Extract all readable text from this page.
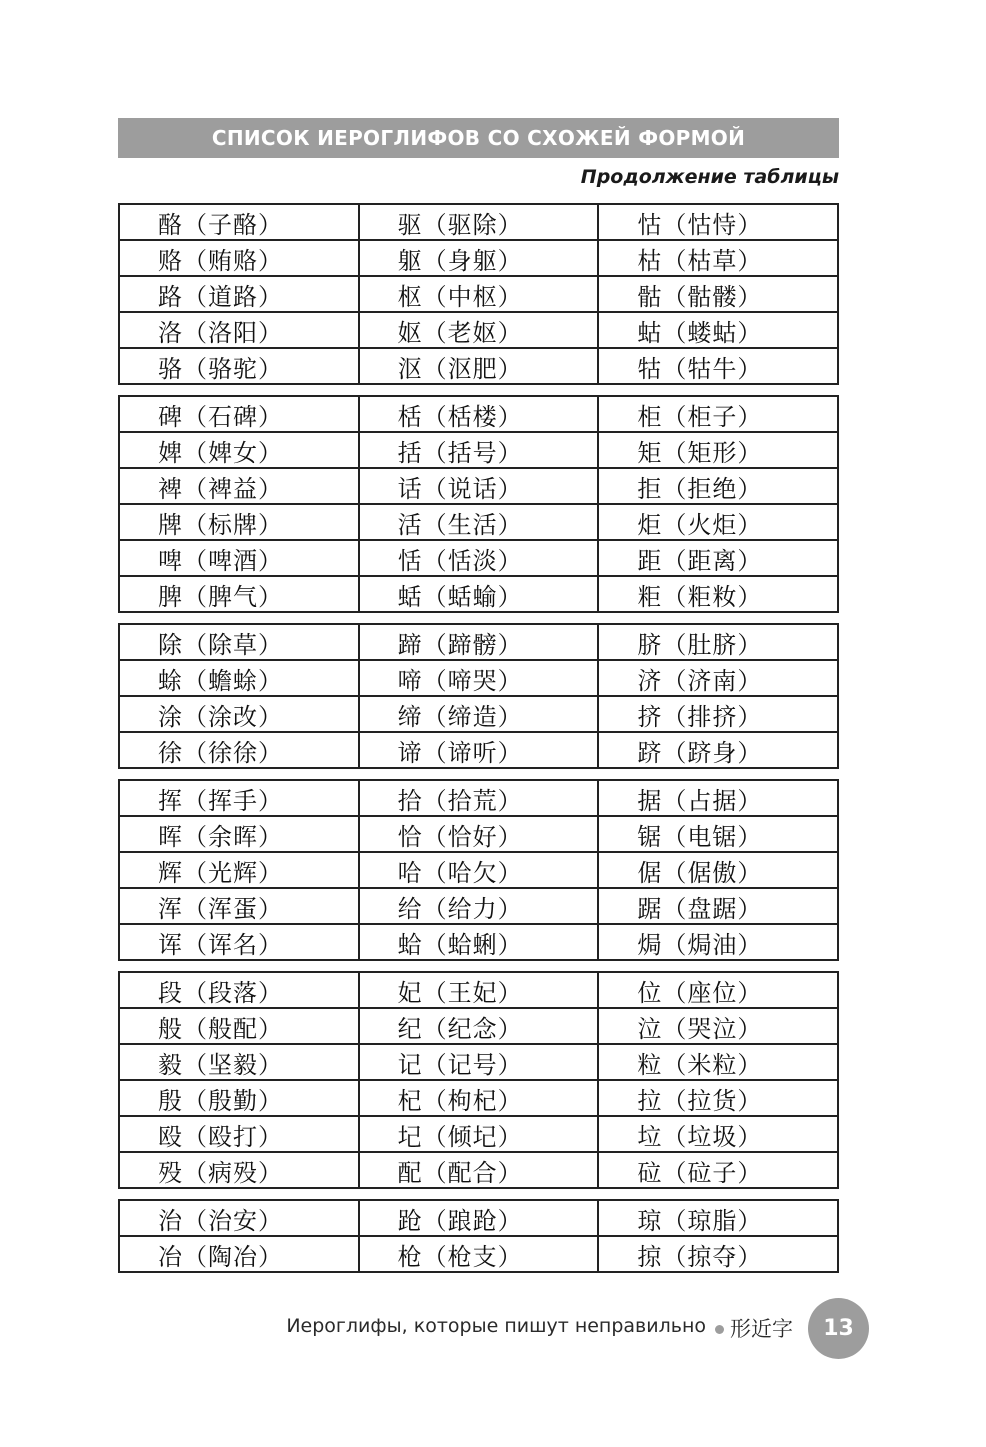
СПИСОК ИЕРОГЛИФОВ СО СХОЖЕЙ ФОРМОЙ
Продолжение таблицы
酪（子酪）	驱（驱除）	怙（怙恃）
赂（贿赂）	躯（身躯）	枯（枯草）
路（道路）	枢（中枢）	骷（骷髅）
洛（洛阳）	妪（老妪）	蛄（蝼蛄）
骆（骆驼）	沤（沤肥）	牯（牯牛）
碑（石碑）	栝（栝楼）	柜（柜子）
婢（婢女）	括（括号）	矩（矩形）
裨（裨益）	话（说话）	拒（拒绝）
牌（标牌）	活（生活）	炬（火炬）
啤（啤酒）	恬（恬淡）	距（距离）
脾（脾气）	蛞（蛞蝓）	粔（粔籹）
除（除草）	蹄（蹄髈）	脐（肚脐）
蜍（蟾蜍）	啼（啼哭）	济（济南）
涂（涂改）	缔（缔造）	挤（排挤）
徐（徐徐）	谛（谛听）	跻（跻身）
挥（挥手）	拾（拾荒）	据（占据）
晖（余晖）	恰（恰好）	锯（电锯）
辉（光辉）	哈（哈欠）	倨（倨傲）
浑（浑蛋）	给（给力）	踞（盘踞）
诨（诨名）	蛤（蛤蜊）	焗（焗油）
段（段落）	妃（王妃）	位（座位）
般（般配）	纪（纪念）	泣（哭泣）
毅（坚毅）	记（记号）	粒（米粒）
殷（殷勤）	杞（枸杞）	拉（拉货）
殴（殴打）	圮（倾圮）	垃（垃圾）
殁（病殁）	配（配合）	砬（砬子）
治（治安）	跄（踉跄）	琼（琼脂）
冶（陶冶）	枪（枪支）	掠（掠夺）
Иероглифы, которые пишут неправильно 形近字 13
